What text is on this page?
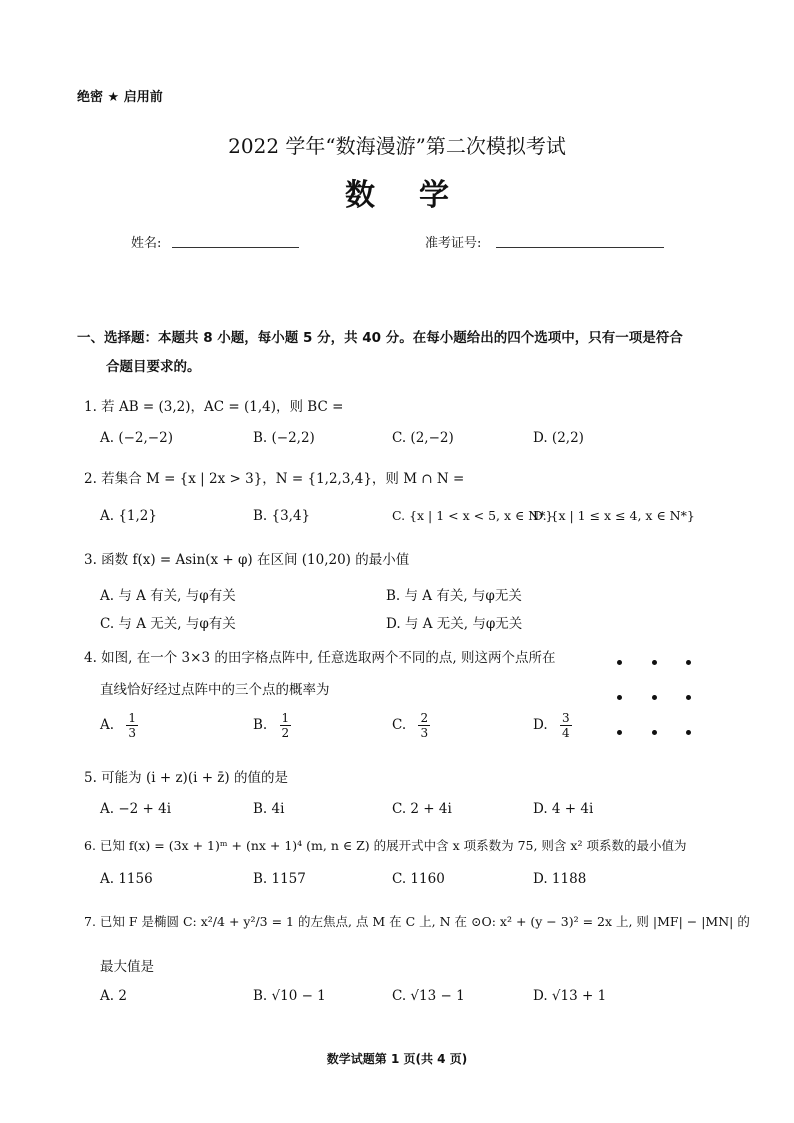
绝密 ★ 启用前
2022 学年“数海漫游”第二次模拟考试
数学
姓名:	准考证号:
一、选择题：本题共 8 小题，每小题 5 分，共 40 分。在每小题给出的四个选项中，只有一项是符合
合题目要求的。
1. 若 AB = (3,2)，AC = (1,4)，则 BC =
A. (−2,−2)	B. (−2,2)	C. (2,−2)	D. (2,2)
2. 若集合 M = {x | 2x > 3}，N = {1,2,3,4}，则 M ∩ N =
A. {1,2}	B. {3,4}	C. {x | 1 < x < 5, x ∈ N*}
D. {x | 1 ≤ x ≤ 4, x ∈ N*}
3. 函数 f(x) = Asin(x + φ) 在区间 (10,20) 的最小值
A. 与 A 有关, 与φ有关	B. 与 A 有关, 与φ无关
C. 与 A 无关, 与φ有关	D. 与 A 无关, 与φ无关
4. 如图, 在一个 3×3 的田字格点阵中, 任意选取两个不同的点, 则这两个点所在
直线恰好经过点阵中的三个点的概率为
A. $\frac{1}{3}$	B. $\frac{1}{2}$	C. $\frac{2}{3}$	D. $\frac{3}{4}$
5. 可能为 (i + z)(i + z̄) 的值的是
A. −2 + 4i	B. 4i	C. 2 + 4i	D. 4 + 4i
6. 已知 f(x) = (3x + 1)ᵐ + (nx + 1)⁴ (m, n ∈ Z) 的展开式中含 x 项系数为 75, 则含 x² 项系数的最小值为
A. 1156	B. 1157	C. 1160	D. 1188
7. 已知 F 是椭圆 C: x²/4 + y²/3 = 1 的左焦点, 点 M 在 C 上, N 在 ⊙O: x² + (y − 3)² = 2x 上, 则 |MF| − |MN| 的
最大值是
A. 2	B. √10 − 1	C. √13 − 1	D. √13 + 1
数学试题第 1 页(共 4 页)
